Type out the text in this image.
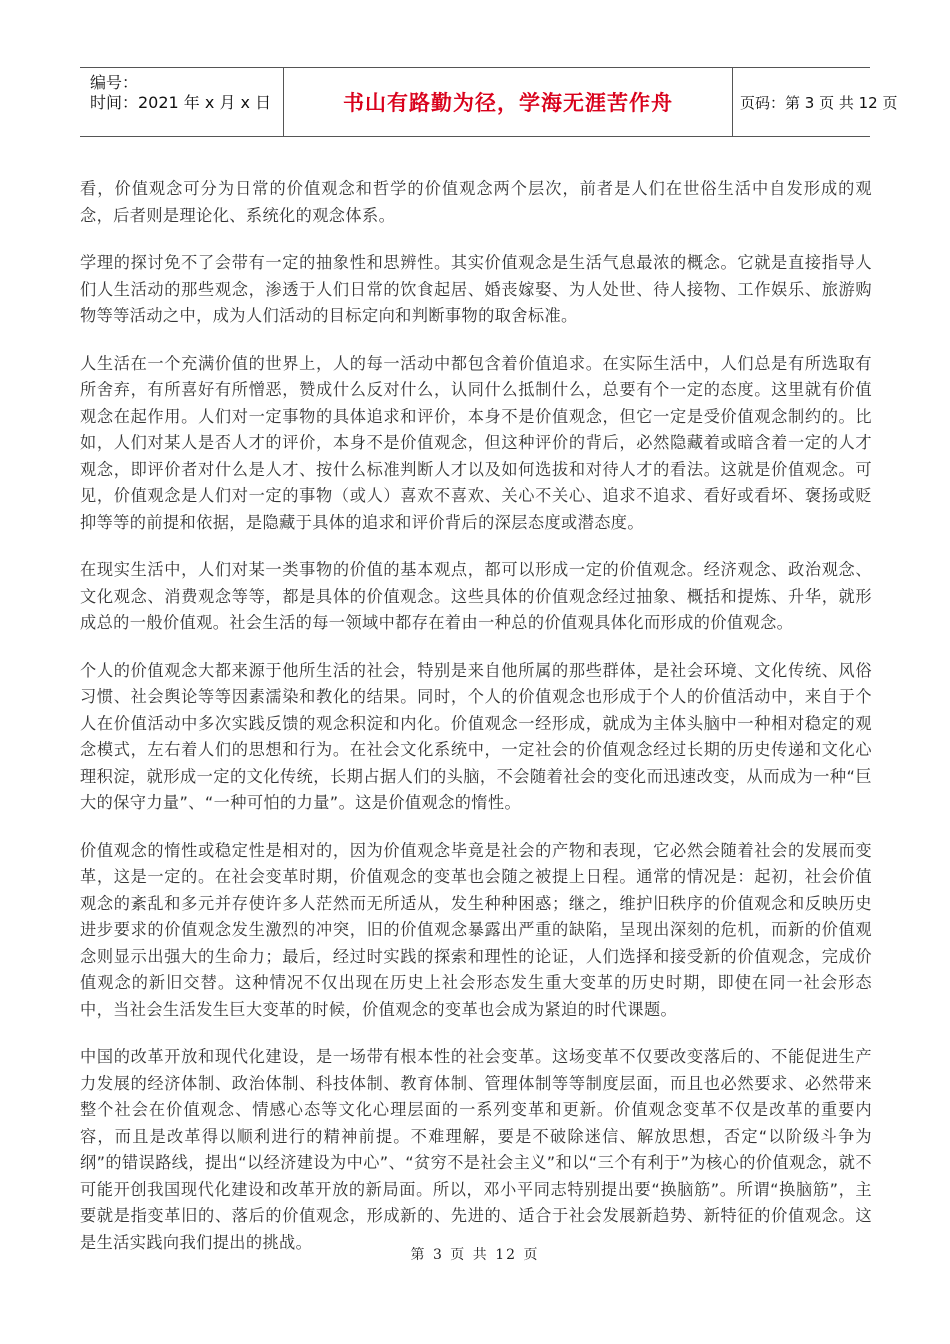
编号：
时间：2021 年 x 月 x 日	书山有路勤为径，学海无涯苦作舟	页码：第 3 页 共 12 页

看，价值观念可分为日常的价值观念和哲学的价值观念两个层次，前者是人们在世俗生活中自发形成的观念，后者则是理论化、系统化的观念体系。

学理的探讨免不了会带有一定的抽象性和思辨性。其实价值观念是生活气息最浓的概念。它就是直接指导人们人生活动的那些观念，渗透于人们日常的饮食起居、婚丧嫁娶、为人处世、待人接物、工作娱乐、旅游购物等等活动之中，成为人们活动的目标定向和判断事物的取舍标准。

人生活在一个充满价值的世界上，人的每一活动中都包含着价值追求。在实际生活中，人们总是有所选取有所舍弃，有所喜好有所憎恶，赞成什么反对什么，认同什么抵制什么，总要有个一定的态度。这里就有价值观念在起作用。人们对一定事物的具体追求和评价，本身不是价值观念，但它一定是受价值观念制约的。比如，人们对某人是否人才的评价，本身不是价值观念，但这种评价的背后，必然隐藏着或暗含着一定的人才观念，即评价者对什么是人才、按什么标准判断人才以及如何选拔和对待人才的看法。这就是价值观念。可见，价值观念是人们对一定的事物（或人）喜欢不喜欢、关心不关心、追求不追求、看好或看坏、褒扬或贬抑等等的前提和依据，是隐藏于具体的追求和评价背后的深层态度或潜态度。

在现实生活中，人们对某一类事物的价值的基本观点，都可以形成一定的价值观念。经济观念、政治观念、文化观念、消费观念等等，都是具体的价值观念。这些具体的价值观念经过抽象、概括和提炼、升华，就形成总的一般价值观。社会生活的每一领域中都存在着由一种总的价值观具体化而形成的价值观念。

个人的价值观念大都来源于他所生活的社会，特别是来自他所属的那些群体，是社会环境、文化传统、风俗习惯、社会舆论等等因素濡染和教化的结果。同时，个人的价值观念也形成于个人的价值活动中，来自于个人在价值活动中多次实践反馈的观念积淀和内化。价值观念一经形成，就成为主体头脑中一种相对稳定的观念模式，左右着人们的思想和行为。在社会文化系统中，一定社会的价值观念经过长期的历史传递和文化心理积淀，就形成一定的文化传统，长期占据人们的头脑，不会随着社会的变化而迅速改变，从而成为一种“巨大的保守力量”、“一种可怕的力量”。这是价值观念的惰性。

价值观念的惰性或稳定性是相对的，因为价值观念毕竟是社会的产物和表现，它必然会随着社会的发展而变革，这是一定的。在社会变革时期，价值观念的变革也会随之被提上日程。通常的情况是：起初，社会价值观念的紊乱和多元并存使许多人茫然而无所适从，发生种种困惑；继之，维护旧秩序的价值观念和反映历史进步要求的价值观念发生激烈的冲突，旧的价值观念暴露出严重的缺陷，呈现出深刻的危机，而新的价值观念则显示出强大的生命力；最后，经过时实践的探索和理性的论证，人们选择和接受新的价值观念，完成价值观念的新旧交替。这种情况不仅出现在历史上社会形态发生重大变革的历史时期，即使在同一社会形态中，当社会生活发生巨大变革的时候，价值观念的变革也会成为紧迫的时代课题。

中国的改革开放和现代化建设，是一场带有根本性的社会变革。这场变革不仅要改变落后的、不能促进生产力发展的经济体制、政治体制、科技体制、教育体制、管理体制等等制度层面，而且也必然要求、必然带来整个社会在价值观念、情感心态等文化心理层面的一系列变革和更新。价值观念变革不仅是改革的重要内容，而且是改革得以顺利进行的精神前提。不难理解，要是不破除迷信、解放思想，否定“以阶级斗争为纲”的错误路线，提出“以经济建设为中心”、“贫穷不是社会主义”和以“三个有利于”为核心的价值观念，就不可能开创我国现代化建设和改革开放的新局面。所以，邓小平同志特别提出要“换脑筋”。所谓“换脑筋”，主要就是指变革旧的、落后的价值观念，形成新的、先进的、适合于社会发展新趋势、新特征的价值观念。这是生活实践向我们提出的挑战。

第 3 页 共 12 页
